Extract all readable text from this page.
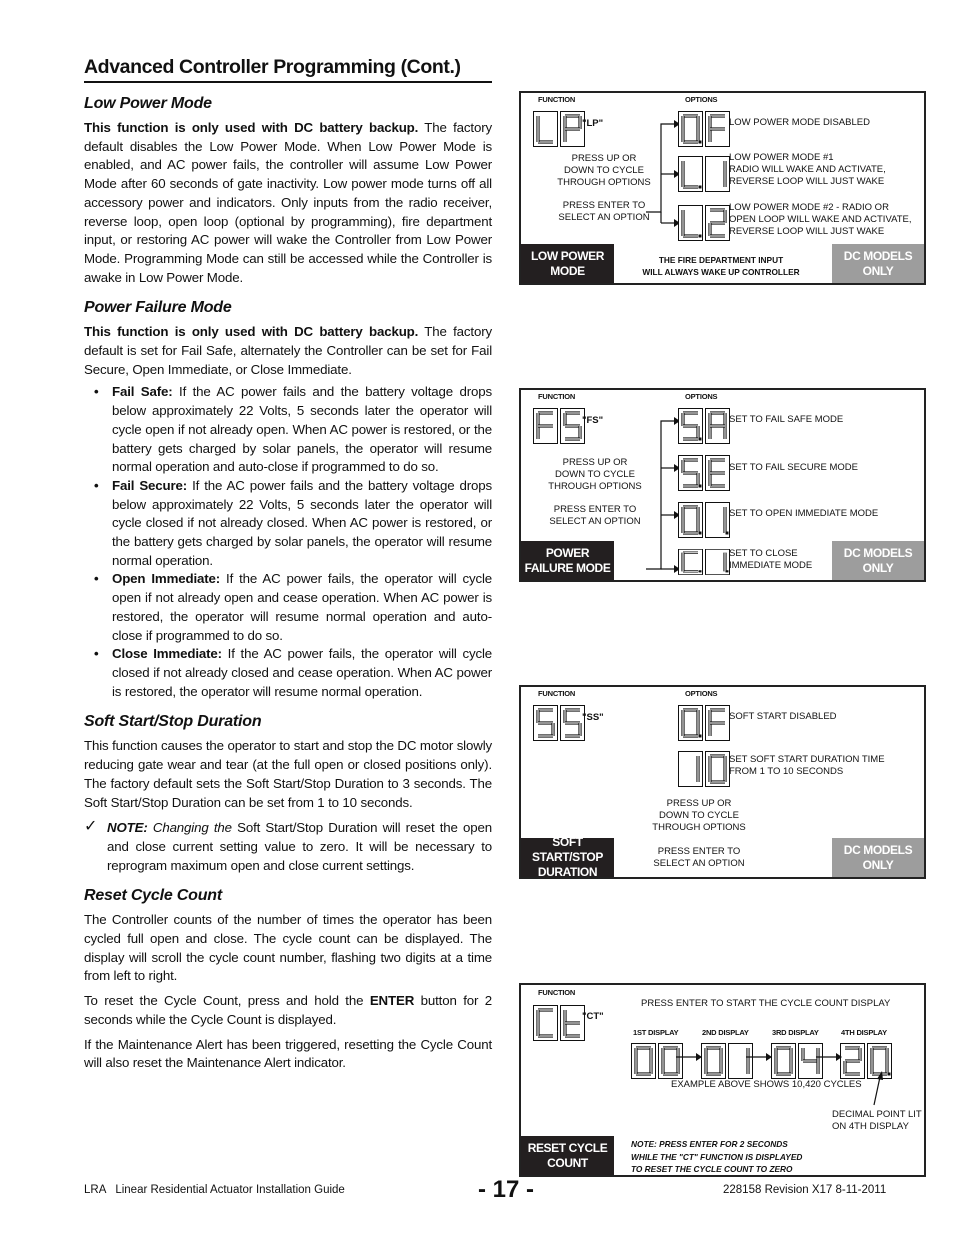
Advanced Controller Programming (Cont.)
Low Power Mode

This function is only used with DC battery backup. The factory default disables the Low Power Mode. When Low Power Mode is enabled, and AC power fails, the controller will assume Low Power Mode after 60 seconds of gate inactivity. Low power mode turns off all accessory power and indicators. Only inputs from the radio receiver, reverse loop, open loop (optional by programming), fire department input, or restoring AC power will wake the Controller from Low Power Mode. Programming Mode can still be accessed while the Controller is awake in Low Power Mode.

Power Failure Mode

This function is only used with DC battery backup. The factory default is set for Fail Safe, alternately the Controller can be set for Fail Secure, Open Immediate, or Close Immediate.

• Fail Safe: If the AC power fails and the battery voltage drops below approximately 22 Volts, 5 seconds later the operator will cycle open if not already open. When AC power is restored, or the battery gets charged by solar panels, the operator will resume normal operation and auto-close if programmed to do so.
• Fail Secure: If the AC power fails and the battery voltage drops below approximately 22 Volts, 5 seconds later the operator will cycle closed if not already closed. When AC power is restored, or the battery gets charged by solar panels, the operator will resume normal operation.
• Open Immediate: If the AC power fails, the operator will cycle open if not already open and cease operation. When AC power is restored, the operator will resume normal operation and auto-close if programmed to do so.
• Close Immediate: If the AC power fails, the operator will cycle closed if not already closed and cease operation. When AC power is restored, the operator will resume normal operation.
Soft Start/Stop Duration

This function causes the operator to start and stop the DC motor slowly reducing gate wear and tear (at the full open or closed positions only). The factory default sets the Soft Start/Stop Duration to 3 seconds. The Soft Start/Stop Duration can be set from 1 to 10 seconds.

✓ NOTE: Changing the Soft Start/Stop Duration will reset the open and close current setting value to zero. It will be necessary to reprogram maximum open and close current settings.
Reset Cycle Count

The Controller counts of the number of times the operator has been cycled full open and close. The cycle count can be displayed. The display will scroll the cycle count number, flashing two digits at a time from left to right.

To reset the Cycle Count, press and hold the ENTER button for 2 seconds while the Cycle Count is displayed.

If the Maintenance Alert has been triggered, resetting the Cycle Count will also reset the Maintenance Alert indicator.

FUNCTION	OPTIONS
"LP"
PRESS UP OR
DOWN TO CYCLE
THROUGH OPTIONS
PRESS ENTER TO
SELECT AN OPTION
LOW POWER MODE DISABLED
LOW POWER MODE #1
RADIO WILL WAKE AND ACTIVATE,
REVERSE LOOP WILL JUST WAKE
LOW POWER MODE #2 - RADIO OR
OPEN LOOP WILL WAKE AND ACTIVATE,
REVERSE LOOP WILL JUST WAKE
LOW POWER
MODE
THE FIRE DEPARTMENT INPUT
WILL ALWAYS WAKE UP CONTROLLER
DC MODELS
ONLY
FUNCTION	OPTIONS
"FS"
PRESS UP OR
DOWN TO CYCLE
THROUGH OPTIONS
PRESS ENTER TO
SELECT AN OPTION
SET TO FAIL SAFE MODE
SET TO FAIL SECURE MODE
SET TO OPEN IMMEDIATE MODE
SET TO CLOSE
IMMEDIATE MODE
POWER
FAILURE MODE
DC MODELS
ONLY
FUNCTION	OPTIONS
"SS"	SOFT START DISABLED
SET SOFT START DURATION TIME
FROM 1 TO 10 SECONDS
PRESS UP OR
DOWN TO CYCLE
THROUGH OPTIONS
PRESS ENTER TO
SELECT AN OPTION
SOFT START/STOP
DURATION
DC MODELS
ONLY
FUNCTION
"CT"
PRESS ENTER TO START THE CYCLE COUNT DISPLAY
1ST DISPLAY	2ND DISPLAY	3RD DISPLAY	4TH DISPLAY
EXAMPLE ABOVE SHOWS 10,420 CYCLES
DECIMAL POINT LIT
ON 4TH DISPLAY
RESET CYCLE
COUNT
NOTE: PRESS ENTER FOR 2 SECONDS
WHILE THE "CT" FUNCTION IS DISPLAYED
TO RESET THE CYCLE COUNT TO ZERO
LRA   Linear Residential Actuator Installation Guide	- 17 -	228158 Revision X17 8-11-2011
